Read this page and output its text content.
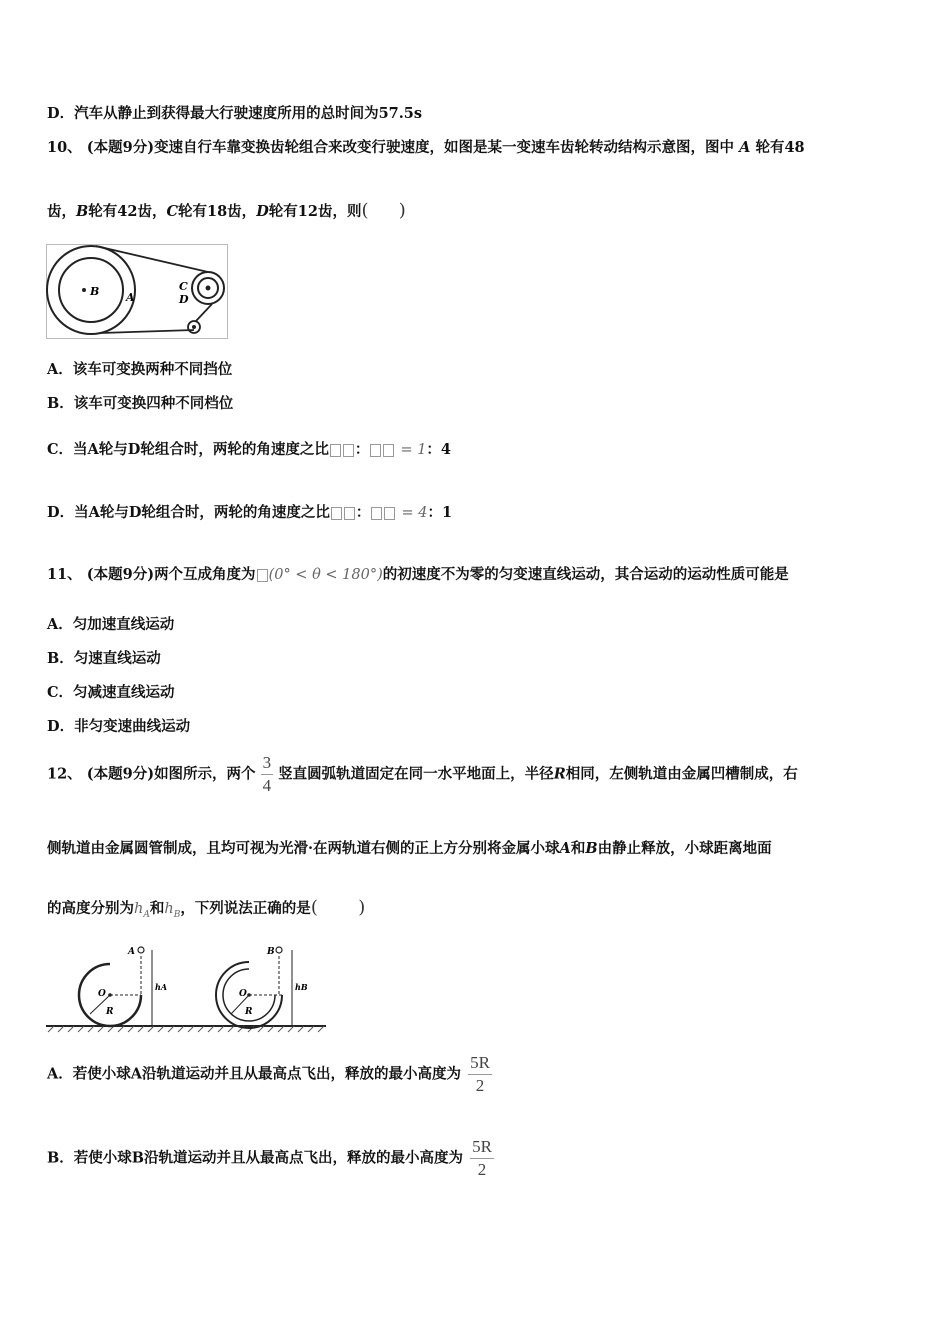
D．汽车从静止到获得最大行驶速度所用的总时间为57.5s
10、 (本题9分)变速自行车靠变换齿轮组合来改变行驶速度，如图是某一变速车齿轮转动结构示意图，图中 A 轮有48
齿，B轮有42齿，C轮有18齿，D轮有12齿，则( )
B A
C
D
A．该车可变换两种不同挡位
B．该车可变换四种不同档位
C．当A轮与D轮组合时，两轮的角速度之比 ： = 1：4
D．当A轮与D轮组合时，两轮的角速度之比 ： = 4：1
11、 (本题9分)两个互成角度为 (0° < θ < 180°)的初速度不为零的匀变速直线运动，其合运动的运动性质可能是
A．匀加速直线运动
B．匀速直线运动
C．匀减速直线运动
D．非匀变速曲线运动
12、 (本题9分)如图所示，两个 $\frac{3}{4}$ 竖直圆弧轨道固定在同一水平地面上，半径R相同，左侧轨道由金属凹槽制成，右
侧轨道由金属圆管制成，且均可视为光滑·在两轨道右侧的正上方分别将金属小球A和B由静止释放，小球距离地面
的高度分别为$h_A$和$h_B$，下列说法正确的是( )
O
R
A
hA
O
R
B
hB
A．若使小球A沿轨道运动并且从最高点飞出，释放的最小高度为 $\frac{5R}{2}$
B．若使小球B沿轨道运动并且从最高点飞出，释放的最小高度为 $\frac{5R}{2}$
